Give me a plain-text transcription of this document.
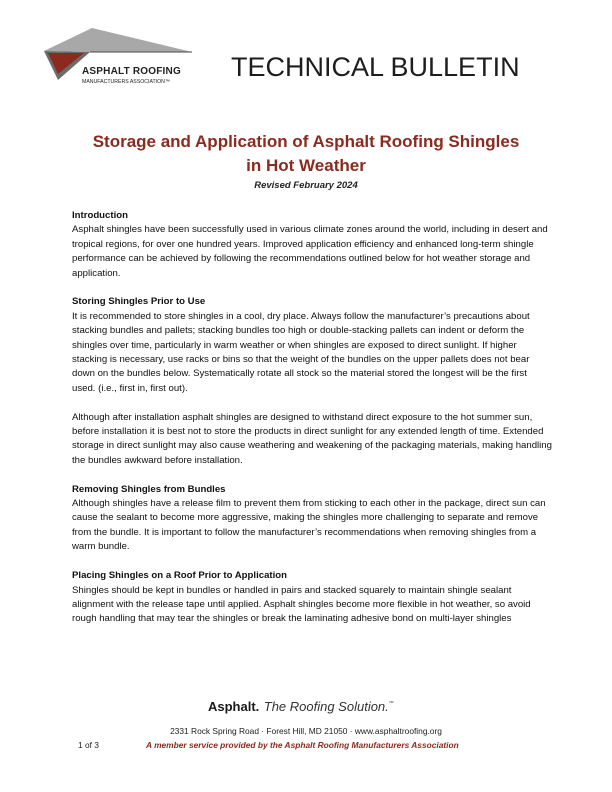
ASPHALT ROOFING
MANUFACTURERS ASSOCIATION™ TECHNICAL BULLETIN
Storage and Application of Asphalt Roofing Shingles
in Hot Weather
Revised February 2024
Introduction

Asphalt shingles have been successfully used in various climate zones around the world, including in desert and tropical regions, for over one hundred years. Improved application efficiency and enhanced long-term shingle performance can be achieved by following the recommendations outlined below for hot weather storage and application.

Storing Shingles Prior to Use

It is recommended to store shingles in a cool, dry place. Always follow the manufacturer’s precautions about stacking bundles and pallets; stacking bundles too high or double-stacking pallets can indent or deform the shingles over time, particularly in warm weather or when shingles are exposed to direct sunlight. If higher stacking is necessary, use racks or bins so that the weight of the bundles on the upper pallets does not bear down on the bundles below. Systematically rotate all stock so the material stored the longest will be the first used. (i.e., first in, first out).

Although after installation asphalt shingles are designed to withstand direct exposure to the hot summer sun, before installation it is best not to store the products in direct sunlight for any extended length of time. Extended storage in direct sunlight may also cause weathering and weakening of the packaging materials, making handling the bundles awkward before installation.

Removing Shingles from Bundles

Although shingles have a release film to prevent them from sticking to each other in the package, direct sun can cause the sealant to become more aggressive, making the shingles more challenging to separate and remove from the bundle. It is important to follow the manufacturer’s recommendations when removing shingles from a warm bundle.

Placing Shingles on a Roof Prior to Application

Shingles should be kept in bundles or handled in pairs and stacked squarely to maintain shingle sealant alignment with the release tape until applied. Asphalt shingles become more flexible in hot weather, so avoid rough handling that may tear the shingles or break the laminating adhesive bond on multi-layer shingles

Asphalt. The Roofing Solution.™
2331 Rock Spring Road · Forest Hill, MD 21050 · www.asphaltroofing.org
1 of 3	A member service provided by the Asphalt Roofing Manufacturers Association
